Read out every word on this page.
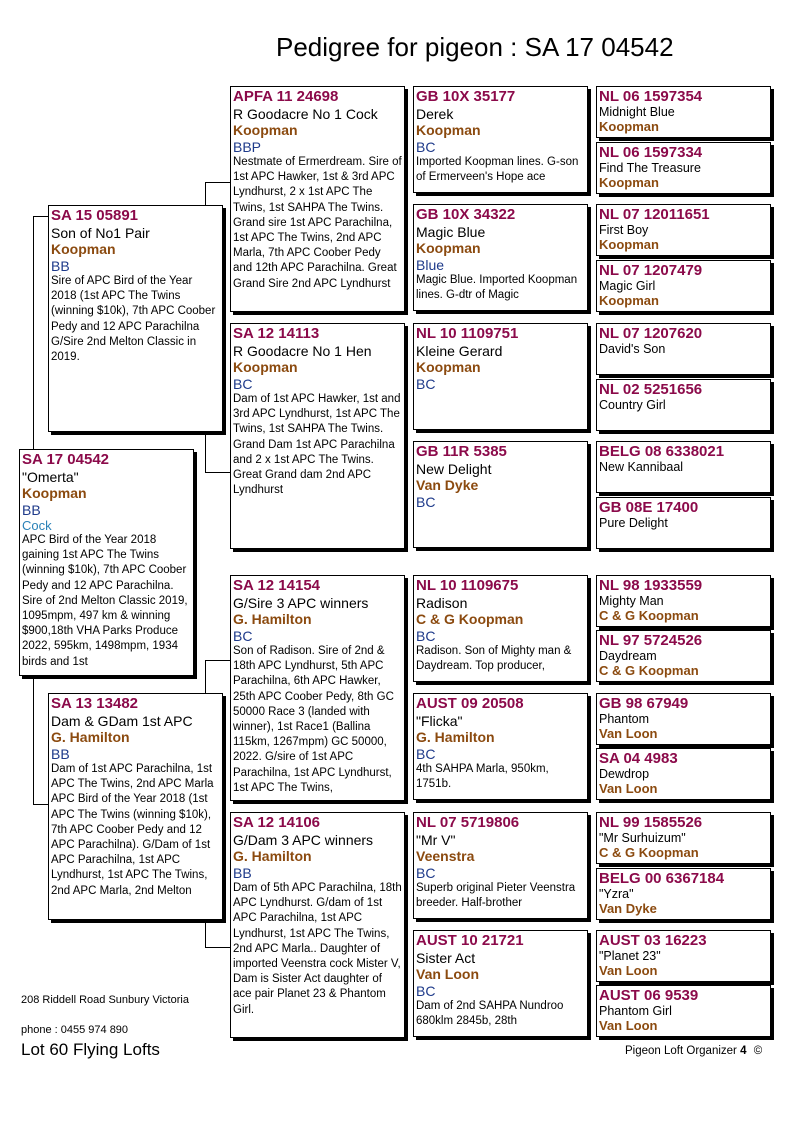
Pedigree for pigeon : SA 17 04542
SA 17 04542
"Omerta"
Koopman
BB
Cock
APC Bird of the Year 2018 gaining 1st APC The Twins (winning $10k), 7th APC Coober Pedy and 12 APC Parachilna. Sire of 2nd Melton Classic 2019, 1095mpm, 497 km & winning $900,18th VHA Parks Produce 2022, 595km, 1498mpm, 1934 birds and 1st
SA 15 05891
Son of No1 Pair
Koopman
BB
Sire of APC Bird of the Year 2018 (1st APC The Twins (winning $10k), 7th APC Coober Pedy and 12 APC Parachilna G/Sire 2nd Melton Classic in 2019.
SA 13 13482
Dam & GDam 1st APC
G. Hamilton
BB
Dam of 1st APC Parachilna, 1st APC The Twins, 2nd APC Marla APC Bird of the Year 2018 (1st APC The Twins (winning $10k), 7th APC Coober Pedy and 12 APC Parachilna). G/Dam of 1st APC Parachilna, 1st APC Lyndhurst, 1st APC The Twins, 2nd APC Marla, 2nd Melton
APFA 11 24698
R Goodacre No 1 Cock
Koopman
BBP
Nestmate of Ermerdream. Sire of 1st APC Hawker, 1st & 3rd APC Lyndhurst, 2 x 1st APC The Twins, 1st SAHPA The Twins. Grand sire 1st APC Parachilna, 1st APC The Twins, 2nd APC Marla, 7th APC Coober Pedy and 12th APC Parachilna. Great Grand Sire 2nd APC Lyndhurst
SA 12 14113
R Goodacre No 1 Hen
Koopman
BC
Dam of 1st APC Hawker, 1st and 3rd APC Lyndhurst, 1st APC The Twins, 1st SAHPA The Twins. Grand Dam 1st APC Parachilna and 2 x 1st APC The Twins. Great Grand dam 2nd APC Lyndhurst
SA 12 14154
G/Sire 3 APC winners
G. Hamilton
BC
Son of Radison. Sire of 2nd & 18th APC Lyndhurst, 5th APC Parachilna, 6th APC Hawker, 25th APC Coober Pedy, 8th GC 50000 Race 3 (landed with winner), 1st Race1 (Ballina 115km, 1267mpm) GC 50000, 2022. G/sire of 1st APC Parachilna, 1st APC Lyndhurst, 1st APC The Twins,
SA 12 14106
G/Dam 3 APC winners
G. Hamilton
BB
Dam of 5th APC Parachilna, 18th APC Lyndhurst. G/dam of 1st APC Parachilna, 1st APC Lyndhurst, 1st APC The Twins, 2nd APC Marla.. Daughter of imported Veenstra cock Mister V, Dam is Sister Act daughter of ace pair Planet 23 & Phantom Girl.
GB 10X 35177
Derek
Koopman
BC
Imported Koopman lines. G-son of Ermerveen's Hope ace
GB 10X 34322
Magic Blue
Koopman
Blue
Magic Blue. Imported Koopman lines. G-dtr of Magic
NL 10 1109751
Kleine Gerard
Koopman
BC
GB 11R 5385
New Delight
Van Dyke
BC
NL 10 1109675
Radison
C & G Koopman
BC
Radison. Son of Mighty man & Daydream. Top producer,
AUST 09 20508
"Flicka"
G. Hamilton
BC
4th SAHPA Marla, 950km, 1751b.
NL 07 5719806
"Mr V"
Veenstra
BC
Superb original Pieter Veenstra breeder. Half-brother
AUST 10 21721
Sister Act
Van Loon
BC
Dam of 2nd SAHPA Nundroo 680klm 2845b, 28th
NL 06 1597354
Midnight Blue
Koopman
NL 06 1597334
Find The Treasure
Koopman
NL 07 12011651
First Boy
Koopman
NL 07 1207479
Magic Girl
Koopman
NL 07 1207620
David's Son
NL 02 5251656
Country Girl
BELG 08 6338021
New Kannibaal
GB 08E 17400
Pure Delight
NL 98 1933559
Mighty Man
C & G Koopman
NL 97 5724526
Daydream
C & G Koopman
GB 98 67949
Phantom
Van Loon
SA 04 4983
Dewdrop
Van Loon
NL 99 1585526
"Mr Surhuizum"
C & G Koopman
BELG 00 6367184
"Yzra"
Van Dyke
AUST 03 16223
"Planet 23"
Van Loon
AUST 06 9539
Phantom Girl
Van Loon
208 Riddell Road Sunbury Victoria
phone : 0455 974 890
Lot 60 Flying Lofts	Pigeon Loft Organizer 4 ©
